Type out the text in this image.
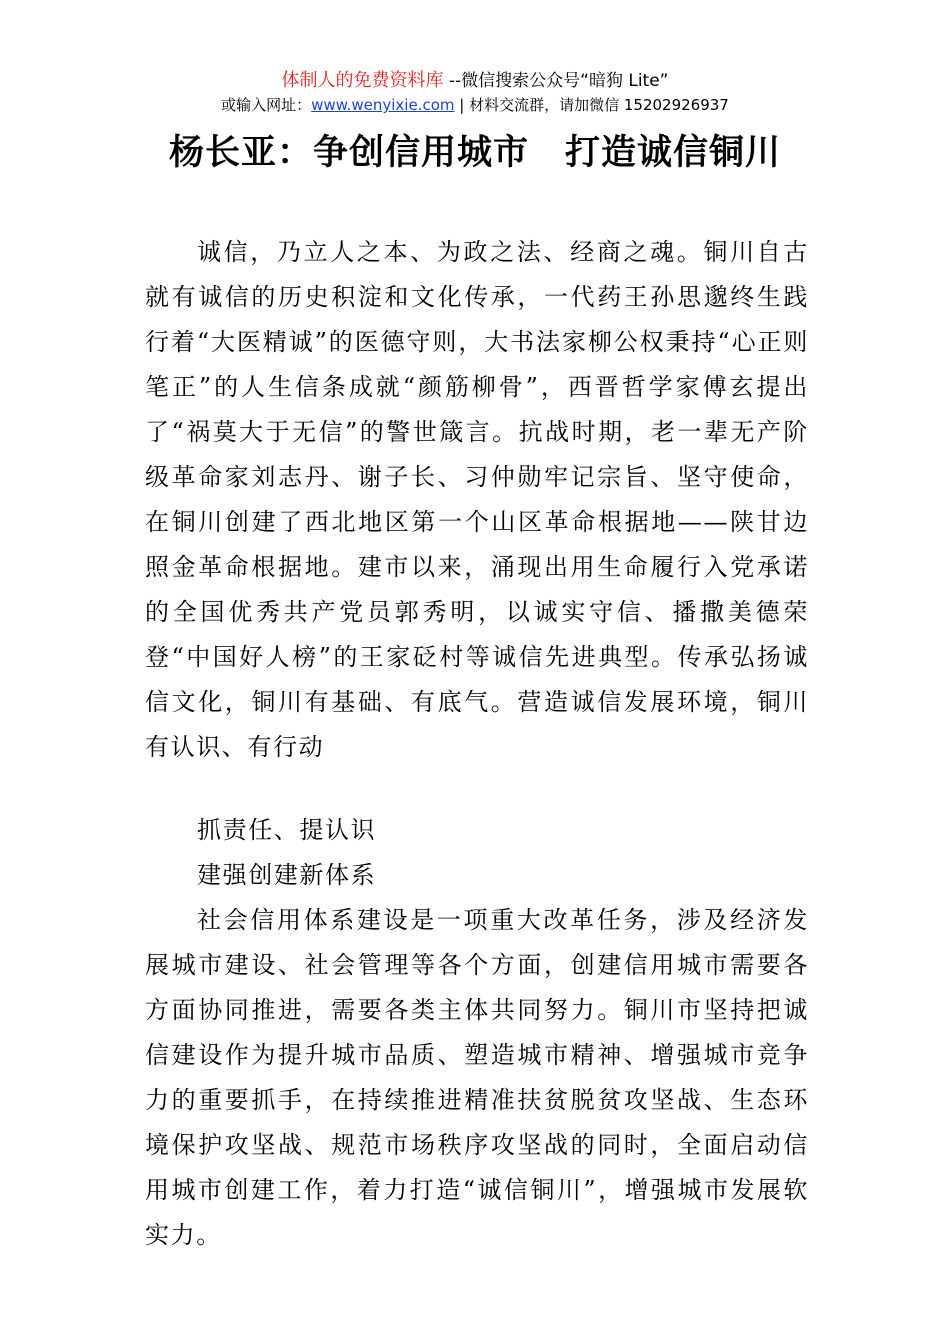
体制人的免费资料库 --微信搜索公众号“暗狗 Lite”
或输入网址：www.wenyixie.com | 材料交流群，请加微信 15202926937
杨长亚：争创信用城市　打造诚信铜川
诚信，乃立人之本、为政之法、经商之魂。铜川自古就有诚信的历史积淀和文化传承，一代药王孙思邈终生践行着“大医精诚”的医德守则，大书法家柳公权秉持“心正则笔正”的人生信条成就“颜筋柳骨”，西晋哲学家傅玄提出了“祸莫大于无信”的警世箴言。抗战时期，老一辈无产阶级革命家刘志丹、谢子长、习仲勋牢记宗旨、坚守使命，在铜川创建了西北地区第一个山区革命根据地——陕甘边照金革命根据地。建市以来，涌现出用生命履行入党承诺的全国优秀共产党员郭秀明，以诚实守信、播撒美德荣登“中国好人榜”的王家砭村等诚信先进典型。传承弘扬诚信文化，铜川有基础、有底气。营造诚信发展环境，铜川有认识、有行动
抓责任、提认识
建强创建新体系
社会信用体系建设是一项重大改革任务，涉及经济发展城市建设、社会管理等各个方面，创建信用城市需要各方面协同推进，需要各类主体共同努力。铜川市坚持把诚信建设作为提升城市品质、塑造城市精神、增强城市竞争力的重要抓手，在持续推进精准扶贫脱贫攻坚战、生态环境保护攻坚战、规范市场秩序攻坚战的同时，全面启动信用城市创建工作，着力打造“诚信铜川”，增强城市发展软实力。
